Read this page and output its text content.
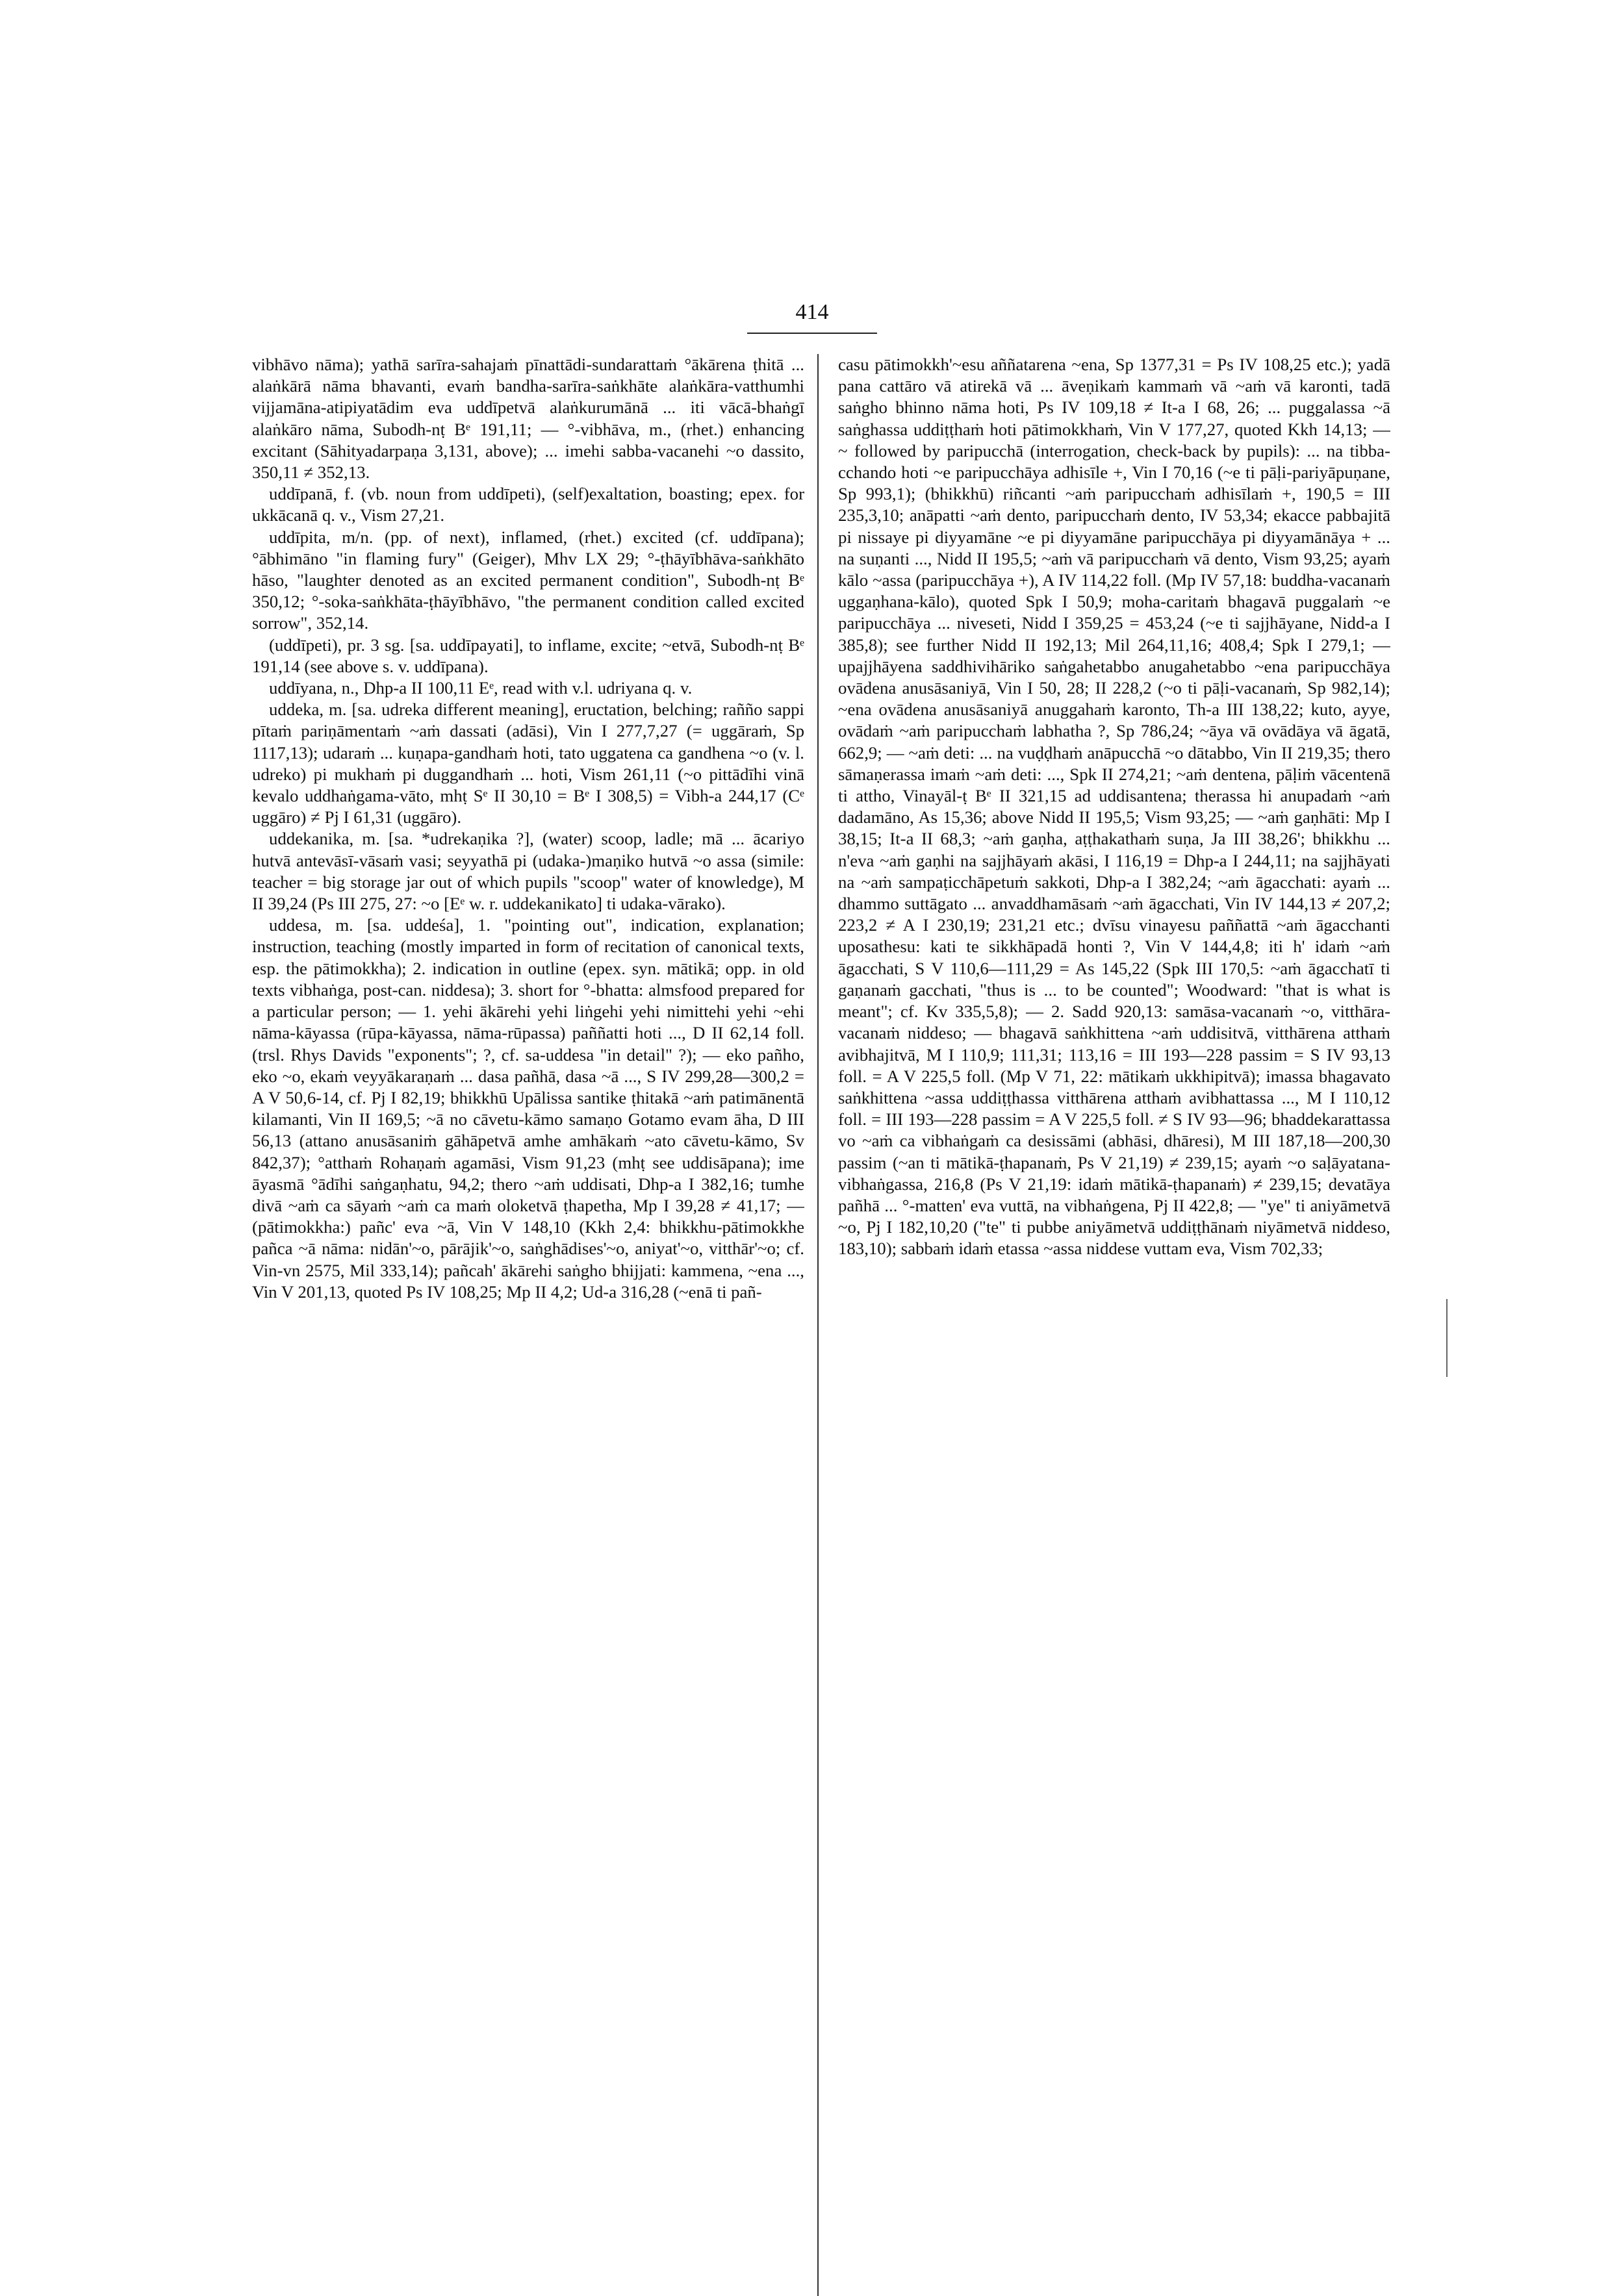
414

vibhāvo nāma); yathā sarīra-sahajaṁ pīnattādi-sundarattaṁ °ākārena ṭhitā ... alaṅkārā nāma bhavanti, evaṁ bandha-sarīra-saṅkhāte alaṅkāra-vatthumhi vijjamāna-atipiyatādim eva uddīpetvā alaṅkurumānā ... iti vācā-bhaṅgī alaṅkāro nāma, Subodh-nṭ Bᵉ 191,11; — °-vibhāva, m., (rhet.) enhancing excitant (Sāhityadarpaṇa 3,131, above); ... imehi sabba-vacanehi ~o dassito, 350,11 ≠ 352,13.

uddīpanā, f. (vb. noun from uddīpeti), (self)exaltation, boasting; epex. for ukkācanā q. v., Vism 27,21.

uddīpita, m/n. (pp. of next), inflamed, (rhet.) excited (cf. uddīpana); °ābhimāno "in flaming fury" (Geiger), Mhv LX 29; °-ṭhāyībhāva-saṅkhāto hāso, "laughter denoted as an excited permanent condition", Subodh-nṭ Bᵉ 350,12; °-soka-saṅkhāta-ṭhāyībhāvo, "the permanent condition called excited sorrow", 352,14.

(uddīpeti), pr. 3 sg. [sa. uddīpayati], to inflame, excite; ~etvā, Subodh-nṭ Bᵉ 191,14 (see above s. v. uddīpana).

uddīyana, n., Dhp-a II 100,11 Eᵉ, read with v.l. udriyana q. v.

uddeka, m. [sa. udreka different meaning], eructation, belching; rañño sappi pītaṁ pariṇāmentaṁ ~aṁ dassati (adāsi), Vin I 277,7,27 (= uggāraṁ, Sp 1117,13); udaraṁ ... kuṇapa-gandhaṁ hoti, tato uggatena ca gandhena ~o (v. l. udreko) pi mukhaṁ pi duggandhaṁ ... hoti, Vism 261,11 (~o pittādīhi vinā kevalo uddhaṅgama-vāto, mhṭ Sᵉ II 30,10 = Bᵉ I 308,5) = Vibh-a 244,17 (Cᵉ uggāro) ≠ Pj I 61,31 (uggāro).

uddekanika, m. [sa. *udrekaṇika ?], (water) scoop, ladle; mā ... ācariyo hutvā antevāsī-vāsaṁ vasi; seyyathā pi (udaka-)maṇiko hutvā ~o assa (simile: teacher = big storage jar out of which pupils "scoop" water of knowledge), M II 39,24 (Ps III 275, 27: ~o [Eᵉ w. r. uddekanikato] ti udaka-vārako).

uddesa, m. [sa. uddeśa], 1. "pointing out", indication, explanation; instruction, teaching (mostly imparted in form of recitation of canonical texts, esp. the pātimokkha); 2. indication in outline (epex. syn. mātikā; opp. in old texts vibhaṅga, post-can. niddesa); 3. short for °-bhatta: almsfood prepared for a particular person; — 1. yehi ākārehi yehi liṅgehi yehi nimittehi yehi ~ehi nāma-kāyassa (rūpa-kāyassa, nāma-rūpassa) paññatti hoti ..., D II 62,14 foll. (trsl. Rhys Davids "exponents"; ?, cf. sa-uddesa "in detail" ?); — eko pañho, eko ~o, ekaṁ veyyākaraṇaṁ ... dasa pañhā, dasa ~ā ..., S IV 299,28—300,2 = A V 50,6-14, cf. Pj I 82,19; bhikkhū Upālissa santike ṭhitakā ~aṁ patimānentā kilamanti, Vin II 169,5; ~ā no cāvetu-kāmo samaṇo Gotamo evam āha, D III 56,13 (attano anusāsaniṁ gāhāpetvā amhe amhākaṁ ~ato cāvetu-kāmo, Sv 842,37); °atthaṁ Rohaṇaṁ agamāsi, Vism 91,23 (mhṭ see uddisāpana); ime āyasmā °ādīhi saṅgaṇhatu, 94,2; thero ~aṁ uddisati, Dhp-a I 382,16; tumhe divā ~aṁ ca sāyaṁ ~aṁ ca maṁ oloketvā ṭhapetha, Mp I 39,28 ≠ 41,17; — (pātimokkha:) pañc' eva ~ā, Vin V 148,10 (Kkh 2,4: bhikkhu-pātimokkhe pañca ~ā nāma: nidān'~o, pārājik'~o, saṅghādises'~o, aniyat'~o, vitthār'~o; cf. Vin-vn 2575, Mil 333,14); pañcah' ākārehi saṅgho bhijjati: kammena, ~ena ..., Vin V 201,13, quoted Ps IV 108,25; Mp II 4,2; Ud-a 316,28 (~enā ti pañ-

casu pātimokkh'~esu aññatarena ~ena, Sp 1377,31 = Ps IV 108,25 etc.); yadā pana cattāro vā atirekā vā ... āveṇikaṁ kammaṁ vā ~aṁ vā karonti, tadā saṅgho bhinno nāma hoti, Ps IV 109,18 ≠ It-a I 68, 26; ... puggalassa ~ā saṅghassa uddiṭṭhaṁ hoti pātimokkhaṁ, Vin V 177,27, quoted Kkh 14,13; — ~ followed by paripucchā (interrogation, check-back by pupils): ... na tibba-cchando hoti ~e paripucchāya adhisīle +, Vin I 70,16 (~e ti pāḷi-pariyāpuṇane, Sp 993,1); (bhikkhū) riñcanti ~aṁ paripucchaṁ adhisīlaṁ +, 190,5 = III 235,3,10; anāpatti ~aṁ dento, paripucchaṁ dento, IV 53,34; ekacce pabbajitā pi nissaye pi diyyamāne ~e pi diyyamāne paripucchāya pi diyyamānāya + ... na suṇanti ..., Nidd II 195,5; ~aṁ vā paripucchaṁ vā dento, Vism 93,25; ayaṁ kālo ~assa (paripucchāya +), A IV 114,22 foll. (Mp IV 57,18: buddha-vacanaṁ uggaṇhana-kālo), quoted Spk I 50,9; moha-caritaṁ bhagavā puggalaṁ ~e paripucchāya ... niveseti, Nidd I 359,25 = 453,24 (~e ti sajjhāyane, Nidd-a I 385,8); see further Nidd II 192,13; Mil 264,11,16; 408,4; Spk I 279,1; — upajjhāyena saddhivihāriko saṅgahetabbo anugahetabbo ~ena paripucchāya ovādena anusāsaniyā, Vin I 50, 28; II 228,2 (~o ti pāḷi-vacanaṁ, Sp 982,14); ~ena ovādena anusāsaniyā anuggahaṁ karonto, Th-a III 138,22; kuto, ayye, ovādaṁ ~aṁ paripucchaṁ labhatha ?, Sp 786,24; ~āya vā ovādāya vā āgatā, 662,9; — ~aṁ deti: ... na vuḍḍhaṁ anāpucchā ~o dātabbo, Vin II 219,35; thero sāmaṇerassa imaṁ ~aṁ deti: ..., Spk II 274,21; ~aṁ dentena, pāḷiṁ vācentenā ti attho, Vinayāl-ṭ Bᵉ II 321,15 ad uddisantena; therassa hi anupadaṁ ~aṁ dadamāno, As 15,36; above Nidd II 195,5; Vism 93,25; — ~aṁ gaṇhāti: Mp I 38,15; It-a II 68,3; ~aṁ gaṇha, aṭṭhakathaṁ suṇa, Ja III 38,26'; bhikkhu ... n'eva ~aṁ gaṇhi na sajjhāyaṁ akāsi, I 116,19 = Dhp-a I 244,11; na sajjhāyati na ~aṁ sampaṭicchāpetuṁ sakkoti, Dhp-a I 382,24; ~aṁ āgacchati: ayaṁ ... dhammo suttāgato ... anvaddhamāsaṁ ~aṁ āgacchati, Vin IV 144,13 ≠ 207,2; 223,2 ≠ A I 230,19; 231,21 etc.; dvīsu vinayesu paññattā ~aṁ āgacchanti uposathesu: kati te sikkhāpadā honti ?, Vin V 144,4,8; iti h' idaṁ ~aṁ āgacchati, S V 110,6—111,29 = As 145,22 (Spk III 170,5: ~aṁ āgacchatī ti gaṇanaṁ gacchati, "thus is ... to be counted"; Woodward: "that is what is meant"; cf. Kv 335,5,8); — 2. Sadd 920,13: samāsa-vacanaṁ ~o, vitthāra-vacanaṁ niddeso; — bhagavā saṅkhittena ~aṁ uddisitvā, vitthārena atthaṁ avibhajitvā, M I 110,9; 111,31; 113,16 = III 193—228 passim = S IV 93,13 foll. = A V 225,5 foll. (Mp V 71, 22: mātikaṁ ukkhipitvā); imassa bhagavato saṅkhittena ~assa uddiṭṭhassa vitthārena atthaṁ avibhattassa ..., M I 110,12 foll. = III 193—228 passim = A V 225,5 foll. ≠ S IV 93—96; bhaddekarattassa vo ~aṁ ca vibhaṅgaṁ ca desissāmi (abhāsi, dhāresi), M III 187,18—200,30 passim (~an ti mātikā-ṭhapanaṁ, Ps V 21,19) ≠ 239,15; ayaṁ ~o saḷāyatana-vibhaṅgassa, 216,8 (Ps V 21,19: idaṁ mātikā-ṭhapanaṁ) ≠ 239,15; devatāya pañhā ... °-matten' eva vuttā, na vibhaṅgena, Pj II 422,8; — "ye" ti aniyāmetvā ~o, Pj I 182,10,20 ("te" ti pubbe aniyāmetvā uddiṭṭhānaṁ niyāmetvā niddeso, 183,10); sabbaṁ idaṁ etassa ~assa niddese vuttam eva, Vism 702,33;
